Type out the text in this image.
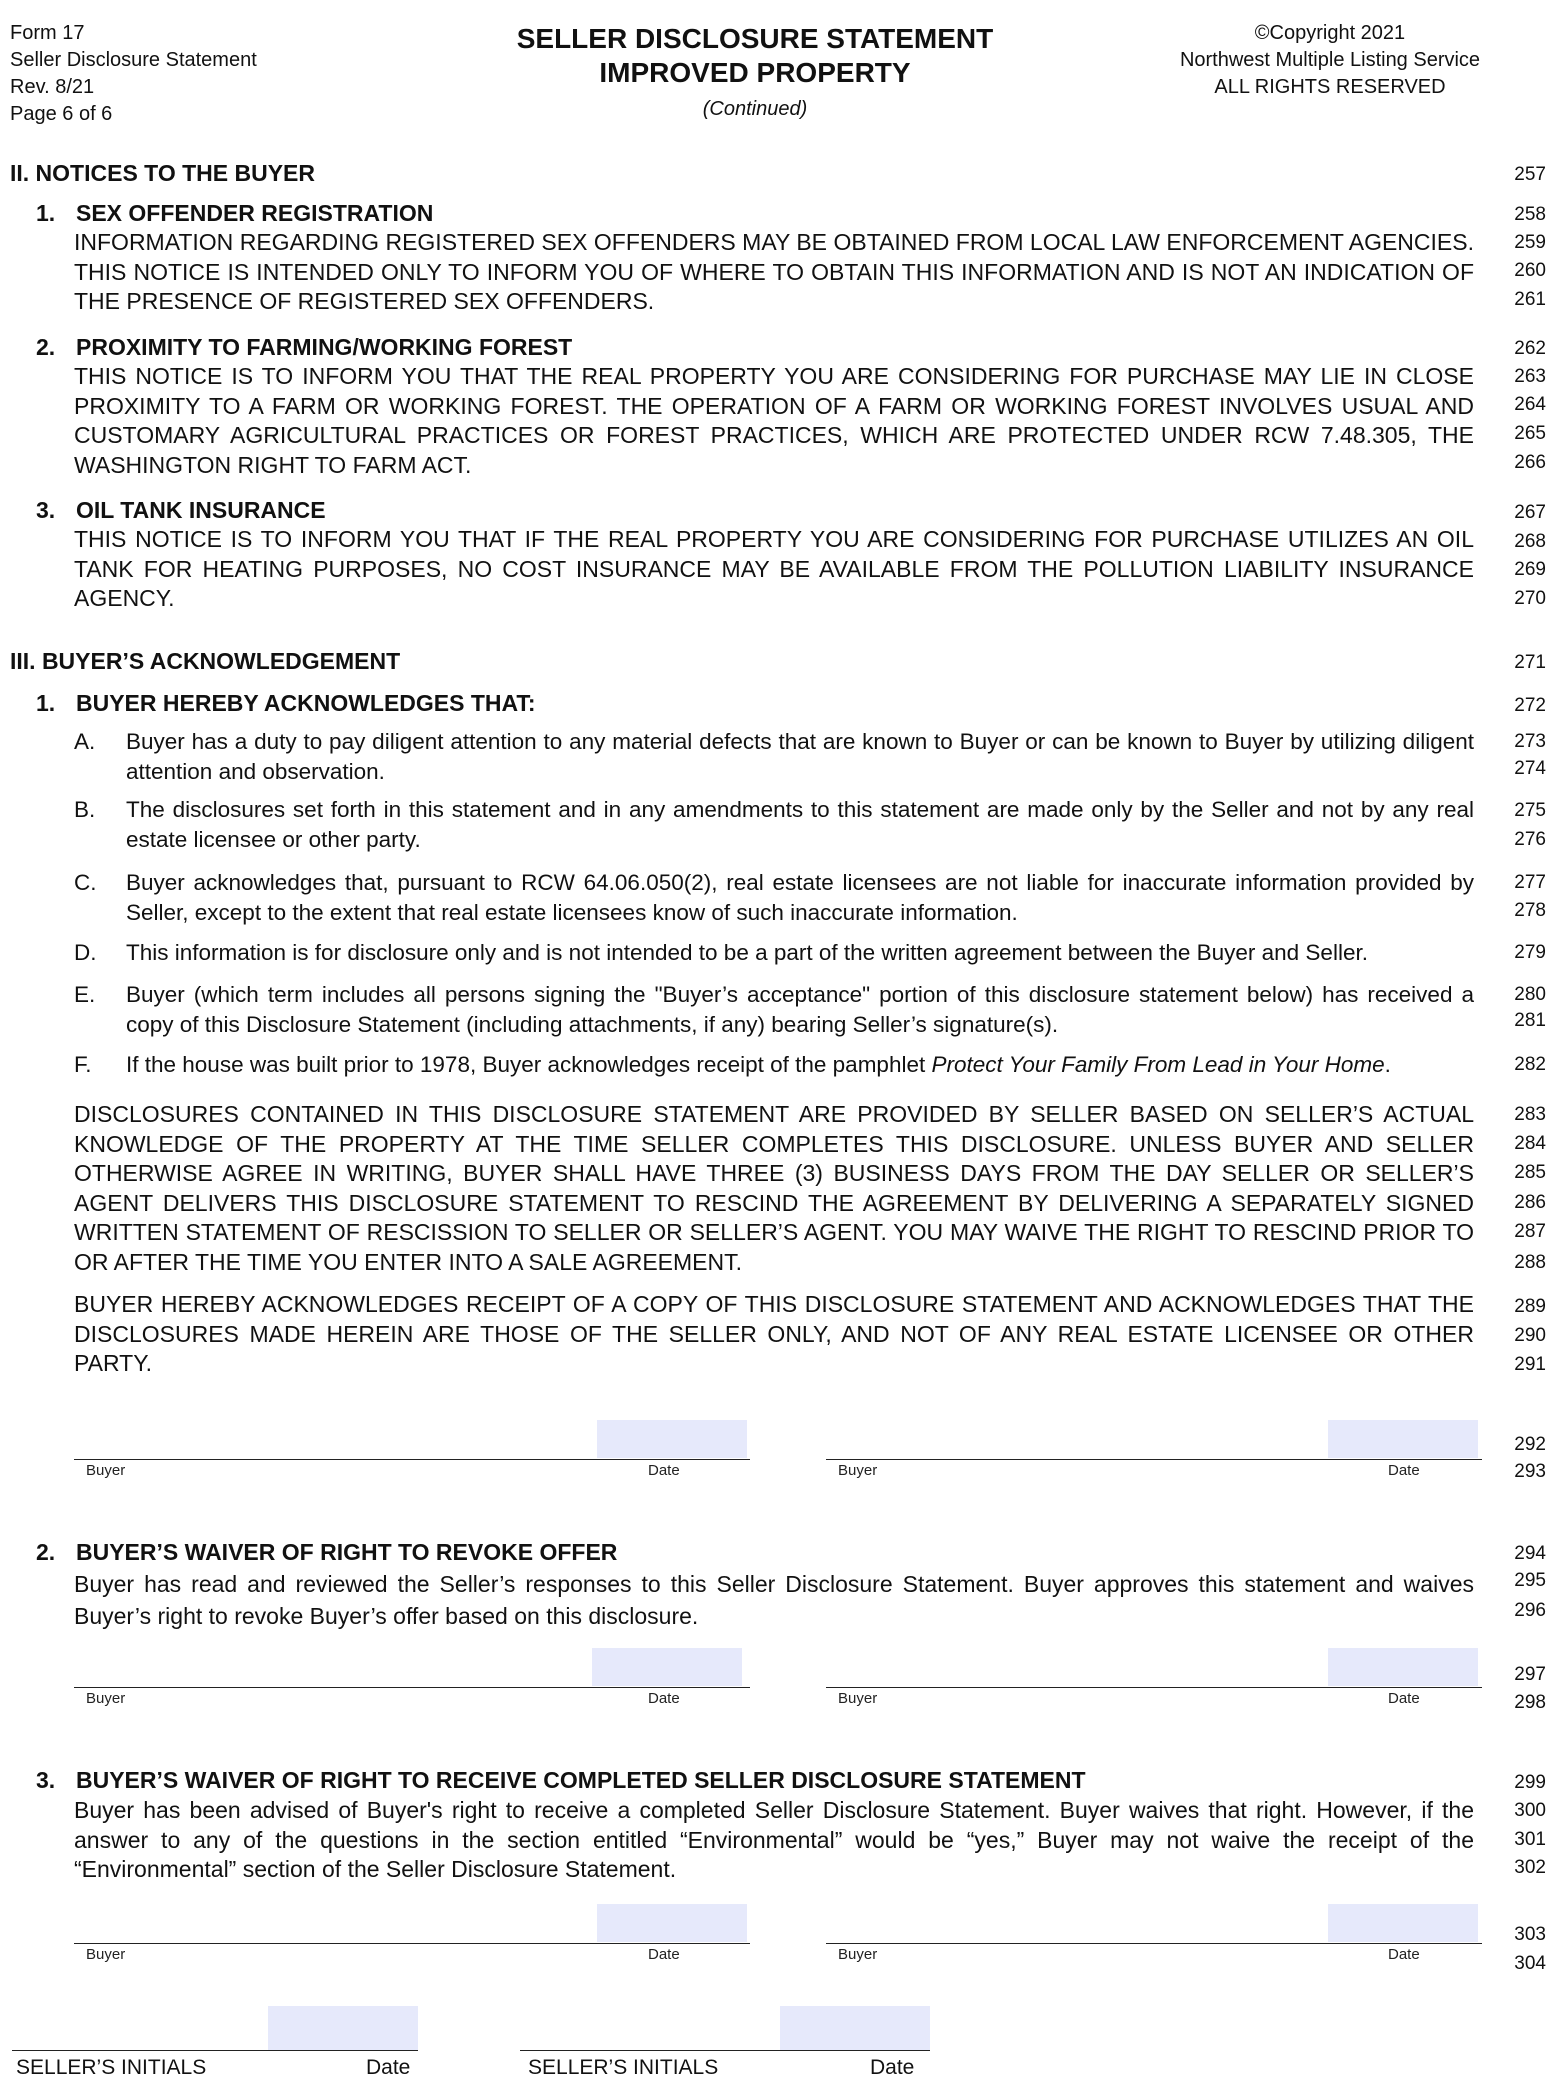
Form 17
Seller Disclosure Statement
Rev. 8/21
Page 6 of 6
SELLER DISCLOSURE STATEMENT
IMPROVED PROPERTY
(Continued)
©Copyright 2021
Northwest Multiple Listing Service
ALL RIGHTS RESERVED
II. NOTICES TO THE BUYER
1. SEX OFFENDER REGISTRATION
INFORMATION REGARDING REGISTERED SEX OFFENDERS MAY BE OBTAINED FROM LOCAL LAW ENFORCEMENT AGENCIES. THIS NOTICE IS INTENDED ONLY TO INFORM YOU OF WHERE TO OBTAIN THIS INFORMATION AND IS NOT AN INDICATION OF THE PRESENCE OF REGISTERED SEX OFFENDERS.
2. PROXIMITY TO FARMING/WORKING FOREST
THIS NOTICE IS TO INFORM YOU THAT THE REAL PROPERTY YOU ARE CONSIDERING FOR PURCHASE MAY LIE IN CLOSE PROXIMITY TO A FARM OR WORKING FOREST. THE OPERATION OF A FARM OR WORKING FOREST INVOLVES USUAL AND CUSTOMARY AGRICULTURAL PRACTICES OR FOREST PRACTICES, WHICH ARE PROTECTED UNDER RCW 7.48.305, THE WASHINGTON RIGHT TO FARM ACT.
3. OIL TANK INSURANCE
THIS NOTICE IS TO INFORM YOU THAT IF THE REAL PROPERTY YOU ARE CONSIDERING FOR PURCHASE UTILIZES AN OIL TANK FOR HEATING PURPOSES, NO COST INSURANCE MAY BE AVAILABLE FROM THE POLLUTION LIABILITY INSURANCE AGENCY.
III. BUYER’S ACKNOWLEDGEMENT
1. BUYER HEREBY ACKNOWLEDGES THAT:
A.	Buyer has a duty to pay diligent attention to any material defects that are known to Buyer or can be known to Buyer by utilizing diligent attention and observation.
B.	The disclosures set forth in this statement and in any amendments to this statement are made only by the Seller and not by any real estate licensee or other party.
C.	Buyer acknowledges that, pursuant to RCW 64.06.050(2), real estate licensees are not liable for inaccurate information provided by Seller, except to the extent that real estate licensees know of such inaccurate information.
D.	This information is for disclosure only and is not intended to be a part of the written agreement between the Buyer and Seller.
E.	Buyer (which term includes all persons signing the "Buyer’s acceptance" portion of this disclosure statement below) has received a copy of this Disclosure Statement (including attachments, if any) bearing Seller’s signature(s).
F.	If the house was built prior to 1978, Buyer acknowledges receipt of the pamphlet Protect Your Family From Lead in Your Home.
DISCLOSURES CONTAINED IN THIS DISCLOSURE STATEMENT ARE PROVIDED BY SELLER BASED ON SELLER’S ACTUAL KNOWLEDGE OF THE PROPERTY AT THE TIME SELLER COMPLETES THIS DISCLOSURE. UNLESS BUYER AND SELLER OTHERWISE AGREE IN WRITING, BUYER SHALL HAVE THREE (3) BUSINESS DAYS FROM THE DAY SELLER OR SELLER’S AGENT DELIVERS THIS DISCLOSURE STATEMENT TO RESCIND THE AGREEMENT BY DELIVERING A SEPARATELY SIGNED WRITTEN STATEMENT OF RESCISSION TO SELLER OR SELLER’S AGENT. YOU MAY WAIVE THE RIGHT TO RESCIND PRIOR TO OR AFTER THE TIME YOU ENTER INTO A SALE AGREEMENT.
BUYER HEREBY ACKNOWLEDGES RECEIPT OF A COPY OF THIS DISCLOSURE STATEMENT AND ACKNOWLEDGES THAT THE DISCLOSURES MADE HEREIN ARE THOSE OF THE SELLER ONLY, AND NOT OF ANY REAL ESTATE LICENSEE OR OTHER PARTY.
Buyer	Date	Buyer	Date
2. BUYER’S WAIVER OF RIGHT TO REVOKE OFFER
Buyer has read and reviewed the Seller’s responses to this Seller Disclosure Statement. Buyer approves this statement and waives Buyer’s right to revoke Buyer’s offer based on this disclosure.
Buyer	Date	Buyer	Date
3. BUYER’S WAIVER OF RIGHT TO RECEIVE COMPLETED SELLER DISCLOSURE STATEMENT
Buyer has been advised of Buyer's right to receive a completed Seller Disclosure Statement. Buyer waives that right. However, if the answer to any of the questions in the section entitled “Environmental” would be “yes,” Buyer may not waive the receipt of the “Environmental” section of the Seller Disclosure Statement.
Buyer	Date	Buyer	Date
SELLER’S INITIALS	Date	SELLER’S INITIALS	Date
257
258
259
260
261
262
263
264
265
266
267
268
269
270
271
272
273
274
275
276
277
278
279
280
281
282
283
284
285
286
287
288
289
290
291
292
293
294
295
296
297
298
299
300
301
302
303
304
